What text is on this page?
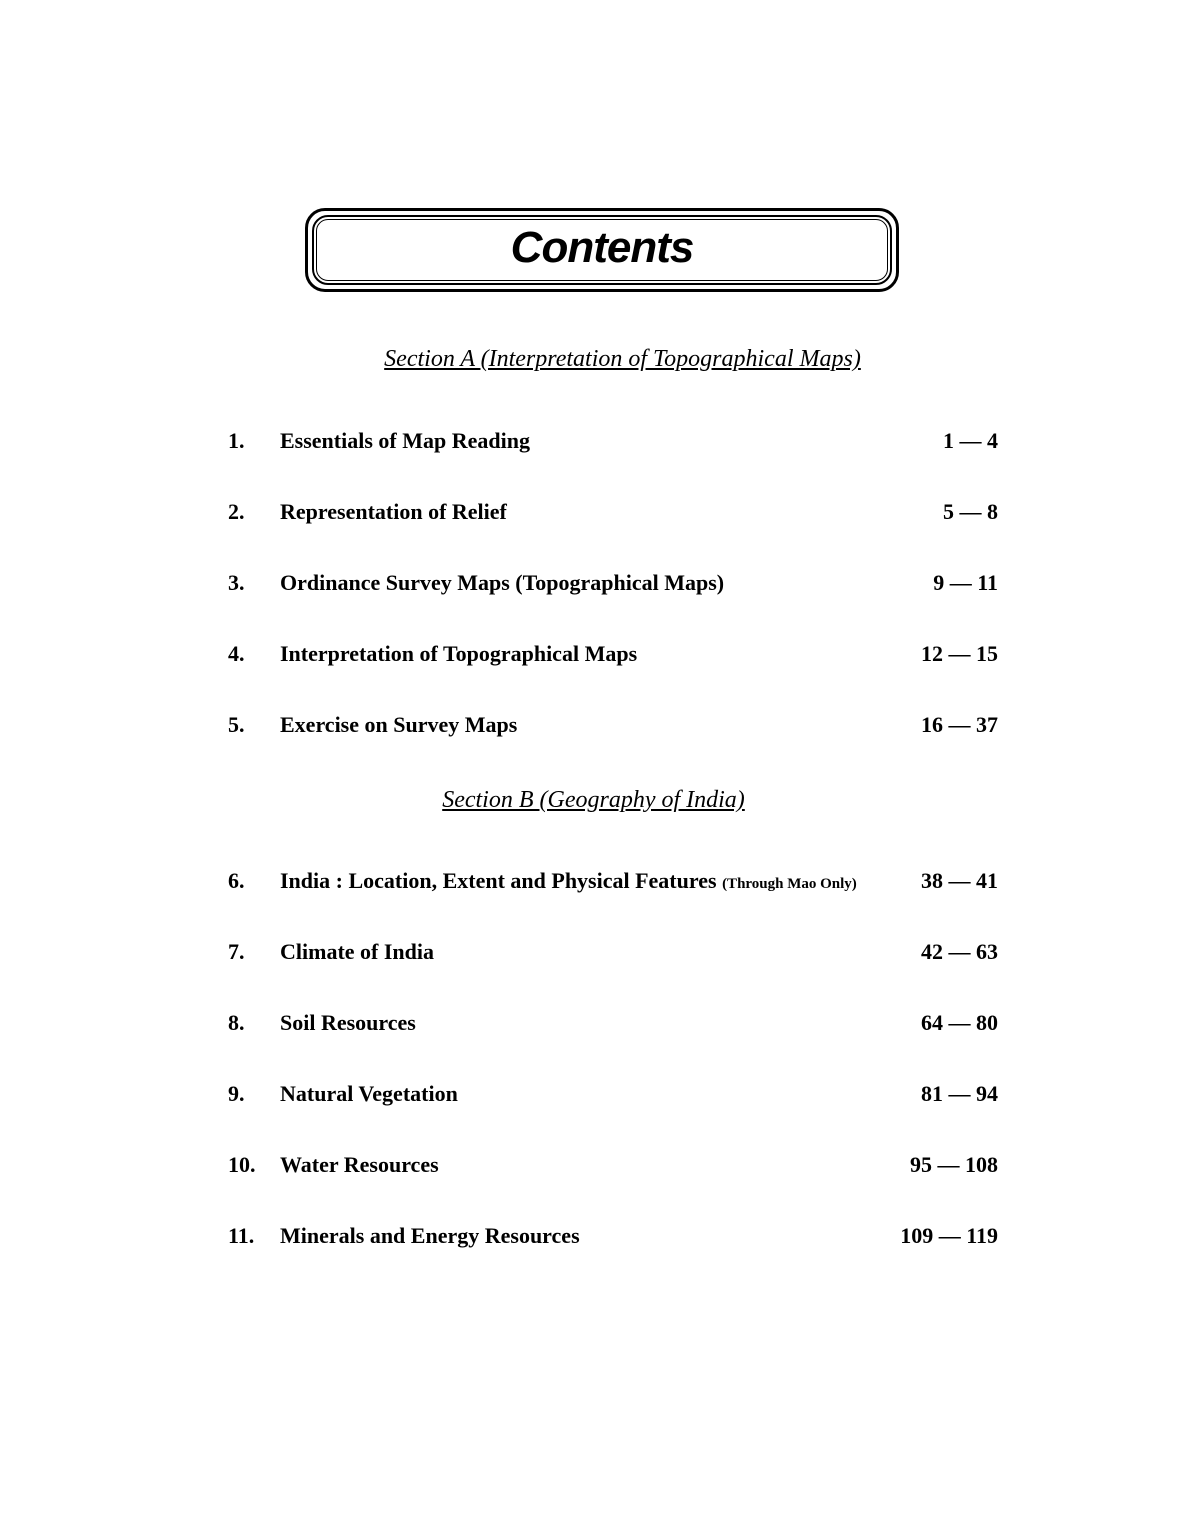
Contents
Section A (Interpretation of Topographical Maps)
1. Essentials of Map Reading	1 — 4
2. Representation of Relief	5 — 8
3. Ordinance Survey Maps (Topographical Maps)	9 — 11
4. Interpretation of Topographical Maps	12 — 15
5. Exercise on Survey Maps	16 — 37
Section B (Geography of India)
6. India : Location, Extent and Physical Features (Through Mao Only)	38 — 41
7. Climate of India	42 — 63
8. Soil Resources	64 — 80
9. Natural Vegetation	81 — 94
10. Water Resources	95 — 108
11. Minerals and Energy Resources	109 — 119
